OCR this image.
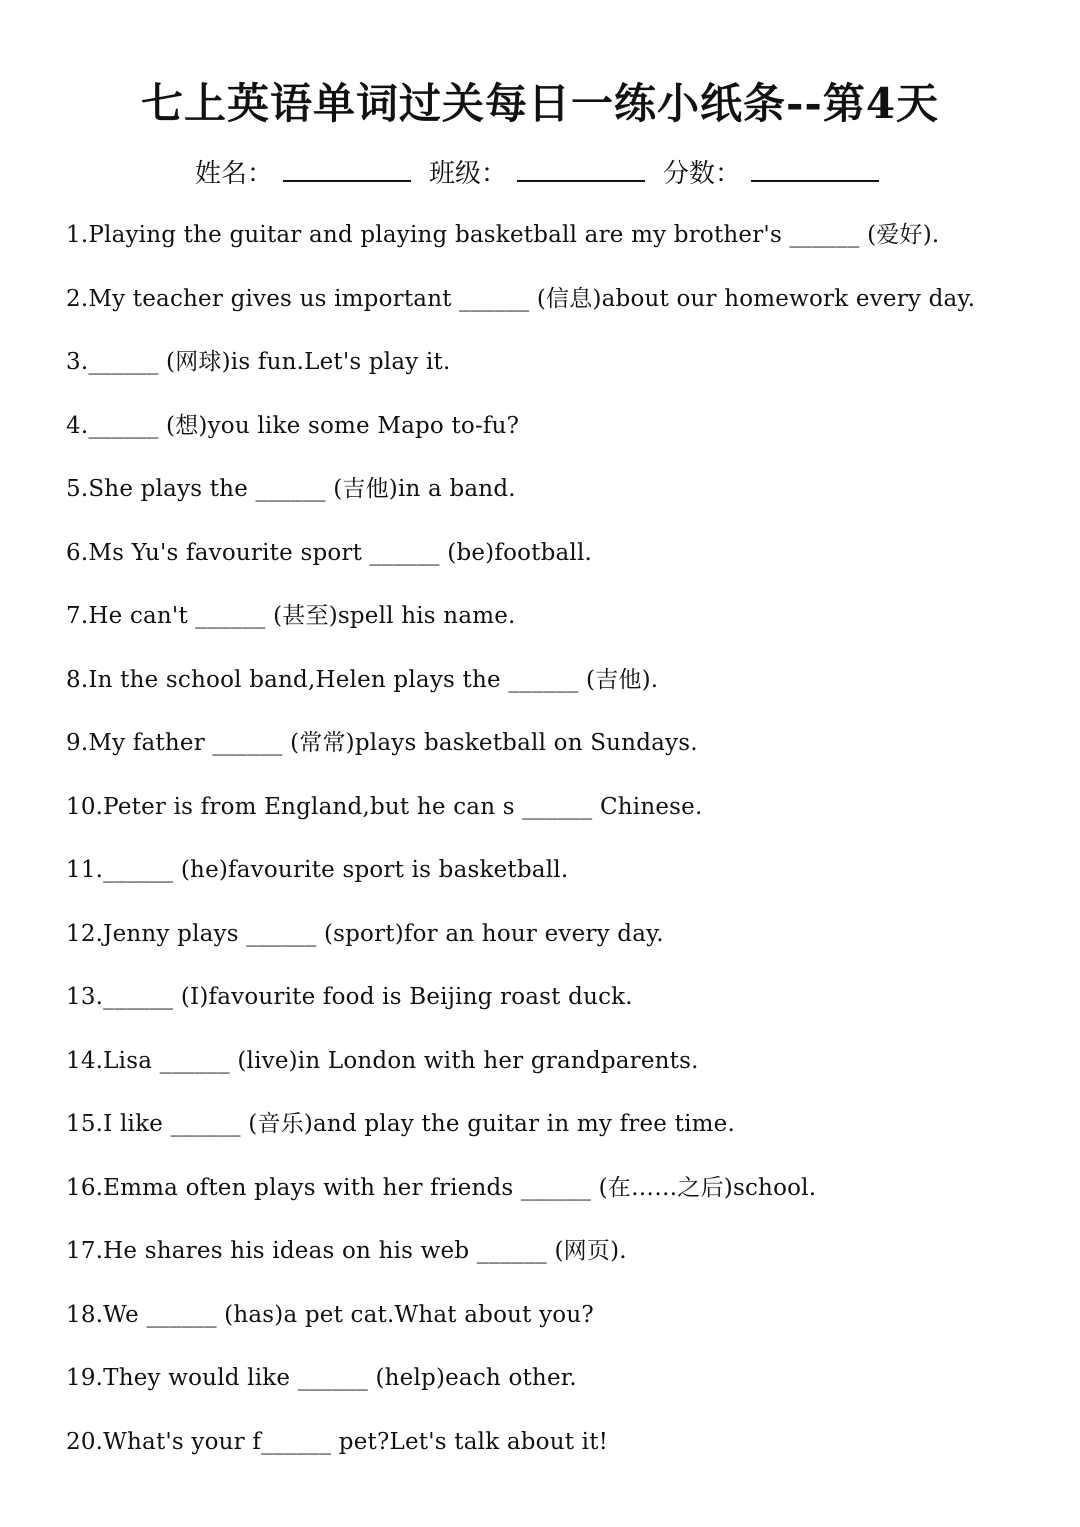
七上英语单词过关每日一练小纸条--第4天
姓名：	班级：	分数：
1.Playing the guitar and playing basketball are my brother's ______ (爱好).
2.My teacher gives us important ______ (信息)about our homework every day.
3.______ (网球)is fun.Let's play it.
4.______ (想)you like some Mapo to-fu?
5.She plays the ______ (吉他)in a band.
6.Ms Yu's favourite sport ______ (be)football.
7.He can't ______ (甚至)spell his name.
8.In the school band,Helen plays the ______ (吉他).
9.My father ______ (常常)plays basketball on Sundays.
10.Peter is from England,but he can s ______ Chinese.
11.______ (he)favourite sport is basketball.
12.Jenny plays ______ (sport)for an hour every day.
13.______ (I)favourite food is Beijing roast duck.
14.Lisa ______ (live)in London with her grandparents.
15.I like ______ (音乐)and play the guitar in my free time.
16.Emma often plays with her friends ______ (在……之后)school.
17.He shares his ideas on his web ______ (网页).
18.We ______ (has)a pet cat.What about you?
19.They would like ______ (help)each other.
20.What's your f______ pet?Let's talk about it!
